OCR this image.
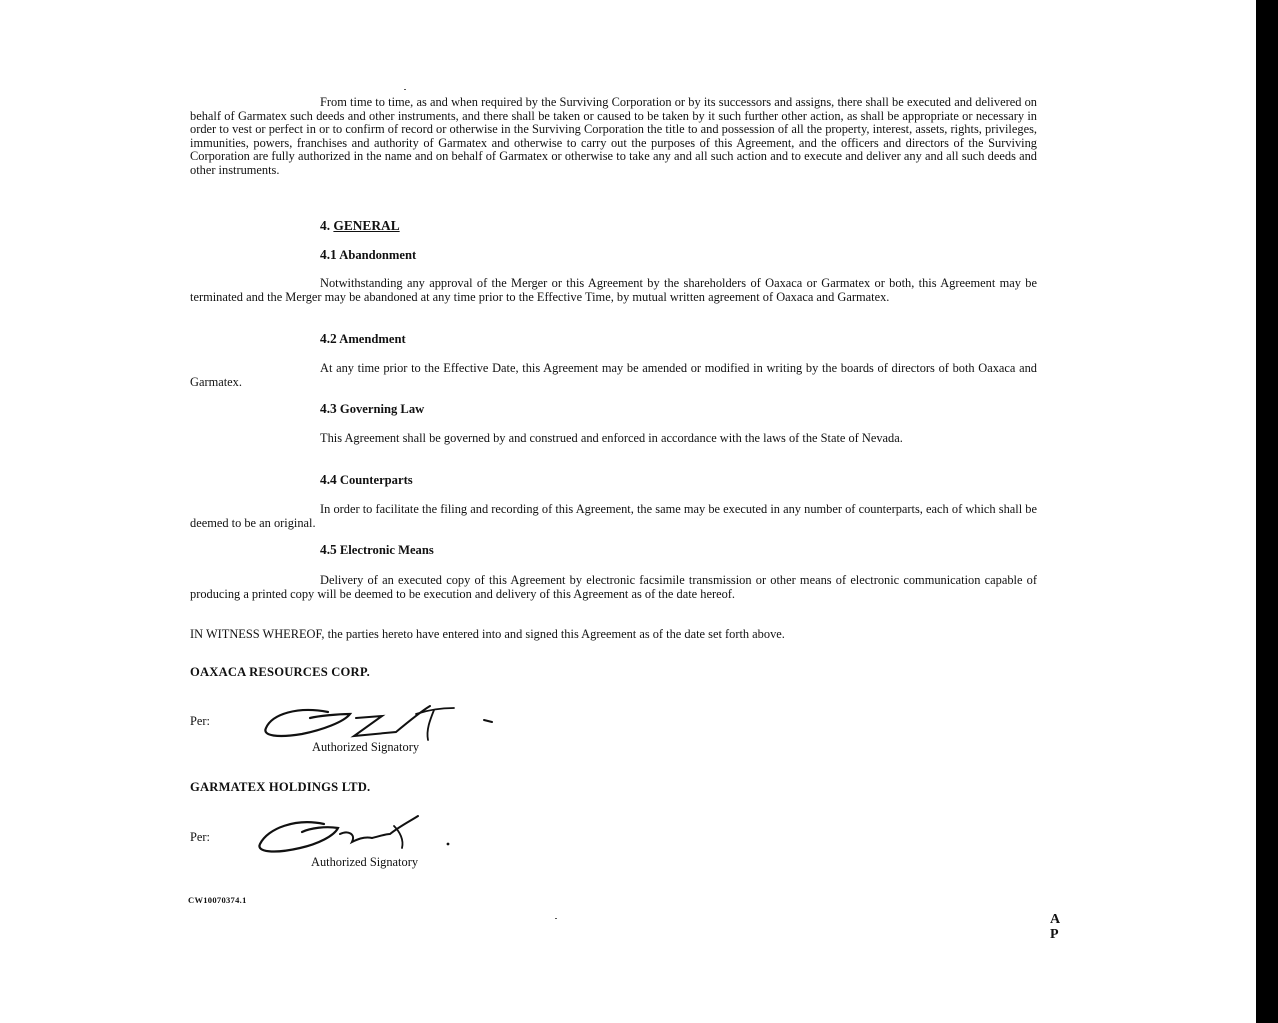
From time to time, as and when required by the Surviving Corporation or by its successors and assigns, there shall be executed and delivered on behalf of Garmatex such deeds and other instruments, and there shall be taken or caused to be taken by it such further other action, as shall be appropriate or necessary in order to vest or perfect in or to confirm of record or otherwise in the Surviving Corporation the title to and possession of all the property, interest, assets, rights, privileges, immunities, powers, franchises and authority of Garmatex and otherwise to carry out the purposes of this Agreement, and the officers and directors of the Surviving Corporation are fully authorized in the name and on behalf of Garmatex or otherwise to take any and all such action and to execute and deliver any and all such deeds and other instruments.
4. GENERAL
4.1 Abandonment
Notwithstanding any approval of the Merger or this Agreement by the shareholders of Oaxaca or Garmatex or both, this Agreement may be terminated and the Merger may be abandoned at any time prior to the Effective Time, by mutual written agreement of Oaxaca and Garmatex.
4.2 Amendment
At any time prior to the Effective Date, this Agreement may be amended or modified in writing by the boards of directors of both Oaxaca and Garmatex.
4.3 Governing Law
This Agreement shall be governed by and construed and enforced in accordance with the laws of the State of Nevada.
4.4 Counterparts
In order to facilitate the filing and recording of this Agreement, the same may be executed in any number of counterparts, each of which shall be deemed to be an original.
4.5 Electronic Means
Delivery of an executed copy of this Agreement by electronic facsimile transmission or other means of electronic communication capable of producing a printed copy will be deemed to be execution and delivery of this Agreement as of the date hereof.
IN WITNESS WHEREOF, the parties hereto have entered into and signed this Agreement as of the date set forth above.
OAXACA RESOURCES CORP.
Per:
Authorized Signatory
GARMATEX HOLDINGS LTD.
Per:
Authorized Signatory
CW10070374.1
A
P
